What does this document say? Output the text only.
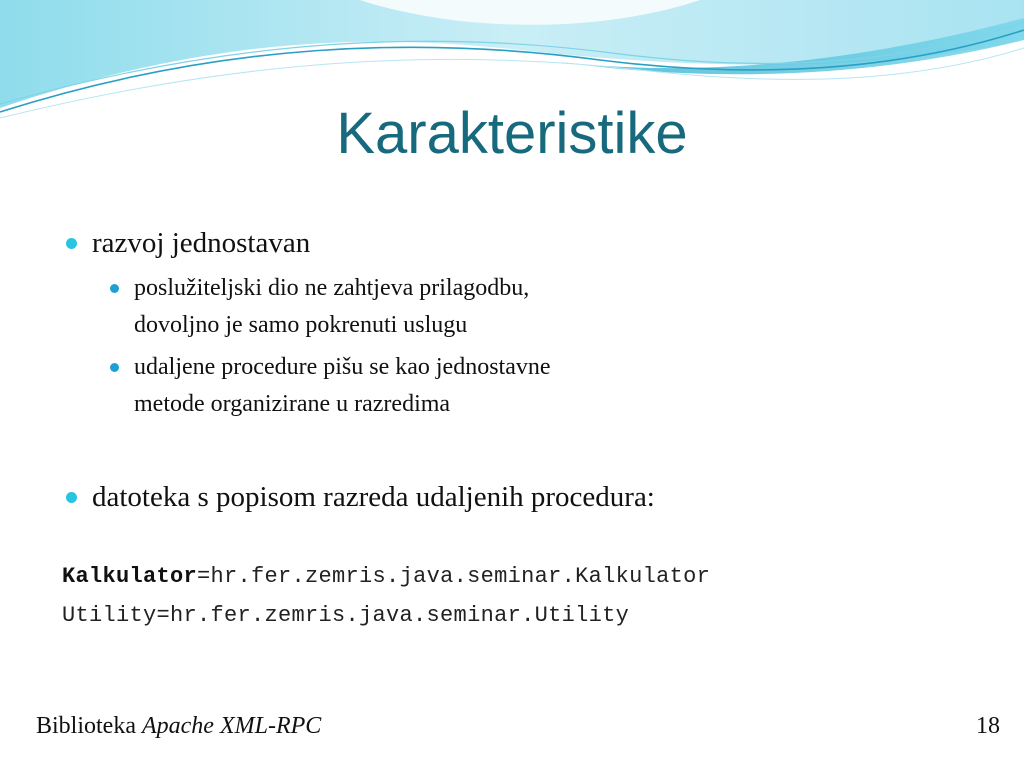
Karakteristike
razvoj jednostavan
poslužiteljski dio ne zahtjeva prilagodbu,
dovoljno je samo pokrenuti uslugu
udaljene procedure pišu se kao jednostavne
metode organizirane u razredima
datoteka s popisom razreda udaljenih procedura:
Kalkulator=hr.fer.zemris.java.seminar.Kalkulator
Utility=hr.fer.zemris.java.seminar.Utility
Biblioteka Apache XML-RPC	18
